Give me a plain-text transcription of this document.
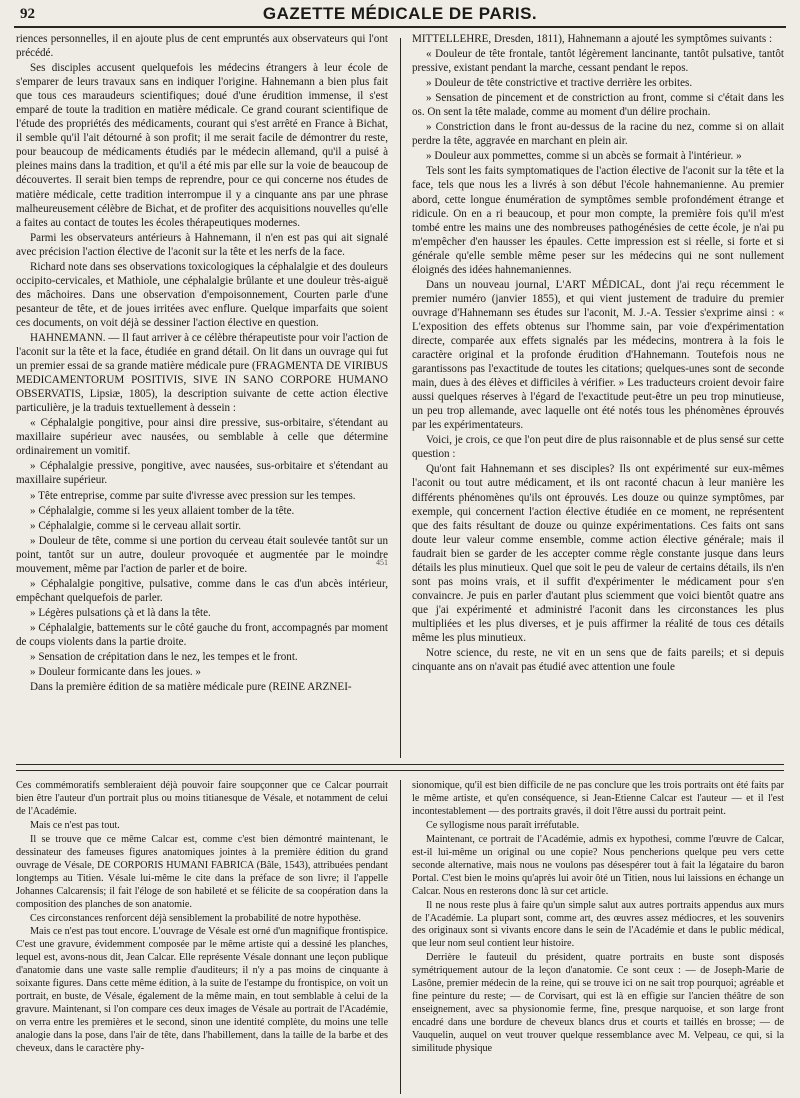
92	GAZETTE MÉDICALE DE PARIS.

riences personnelles, il en ajoute plus de cent empruntés aux observateurs qui l'ont précédé.

Ses disciples accusent quelquefois les médecins étrangers à leur école de s'emparer de leurs travaux sans en indiquer l'origine. Hahnemann a bien plus fait que tous ces maraudeurs scientifiques; doué d'une érudition immense, il s'est emparé de toute la tradition en matière médicale. Ce grand courant scientifique de l'étude des propriétés des médicaments, courant qui s'est arrêté en France à Bichat, il semble qu'il l'ait détourné à son profit; il me serait facile de démontrer du reste, pour beaucoup de médicaments étudiés par le médecin allemand, qu'il a puisé à pleines mains dans la tradition, et qu'il a été mis par elle sur la voie de beaucoup de découvertes. Il serait bien temps de reprendre, pour ce qui concerne nos études de matière médicale, cette tradition interrompue il y a cinquante ans par une phrase malheureusement célèbre de Bichat, et de profiter des acquisitions nouvelles qu'elle a faites au contact de toutes les écoles thérapeutiques modernes.

Parmi les observateurs antérieurs à Hahnemann, il n'en est pas qui ait signalé avec précision l'action élective de l'aconit sur la tête et les nerfs de la face.

Richard note dans ses observations toxicologiques la céphalalgie et des douleurs occipito-cervicales, et Mathiole, une céphalalgie brûlante et une douleur très-aiguë des mâchoires. Dans une observation d'empoisonnement, Courten parle d'une pesanteur de tête, et de joues irritées avec enflure. Quelque imparfaits que soient ces documents, on voit déjà se dessiner l'action élective en question.

HAHNEMANN. — Il faut arriver à ce célèbre thérapeutiste pour voir l'action de l'aconit sur la tête et la face, étudiée en grand détail. On lit dans un ouvrage qui fut un premier essai de sa grande matière médicale pure (FRAGMENTA DE VIRIBUS MEDICAMENTORUM POSITIVIS, SIVE IN SANO CORPORE HUMANO OBSERVATIS, Lipsiæ, 1805), la description suivante de cette action élective particulière, je la traduis textuellement à dessein :

« Céphalalgie pongitive, pour ainsi dire pressive, sus-orbitaire, s'étendant au maxillaire supérieur avec nausées, ou semblable à celle que détermine ordinairement un vomitif.

» Céphalalgie pressive, pongitive, avec nausées, sus-orbitaire et s'étendant au maxillaire supérieur.

» Tête entreprise, comme par suite d'ivresse avec pression sur les tempes.

» Céphalalgie, comme si les yeux allaient tomber de la tête.

» Céphalalgie, comme si le cerveau allait sortir.

» Douleur de tête, comme si une portion du cerveau était soulevée tantôt sur un point, tantôt sur un autre, douleur provoquée et augmentée par le moindre mouvement, même par l'action de parler et de boire.

» Céphalalgie pongitive, pulsative, comme dans le cas d'un abcès intérieur, empêchant quelquefois de parler.

» Légères pulsations çà et là dans la tête.

» Céphalalgie, battements sur le côté gauche du front, accompagnés par moment de coups violents dans la partie droite.

» Sensation de crépitation dans le nez, les tempes et le front.

» Douleur formicante dans les joues. »

Dans la première édition de sa matière médicale pure (REINE ARZNEI-

MITTELLEHRE, Dresden, 1811), Hahnemann a ajouté les symptômes suivants :

« Douleur de tête frontale, tantôt légèrement lancinante, tantôt pulsative, tantôt pressive, existant pendant la marche, cessant pendant le repos.

» Douleur de tête constrictive et tractive derrière les orbites.

» Sensation de pincement et de constriction au front, comme si c'était dans les os. On sent la tête malade, comme au moment d'un délire prochain.

» Constriction dans le front au-dessus de la racine du nez, comme si on allait perdre la tête, aggravée en marchant en plein air.

» Douleur aux pommettes, comme si un abcès se formait à l'intérieur. »

Tels sont les faits symptomatiques de l'action élective de l'aconit sur la tête et la face, tels que nous les a livrés à son début l'école hahnemanienne. Au premier abord, cette longue énumération de symptômes semble profondément étrange et ridicule. On en a ri beaucoup, et pour mon compte, la première fois qu'il m'est tombé entre les mains une des nombreuses pathogénésies de cette école, je n'ai pu m'empêcher d'en hausser les épaules. Cette impression est si réelle, si forte et si générale qu'elle semble même peser sur les médecins qui ne sont nullement éloignés des idées hahnemaniennes.

Dans un nouveau journal, L'ART MÉDICAL, dont j'ai reçu récemment le premier numéro (janvier 1855), et qui vient justement de traduire du premier ouvrage d'Hahnemann ses études sur l'aconit, M. J.-A. Tessier s'exprime ainsi : « L'exposition des effets obtenus sur l'homme sain, par voie d'expérimentation directe, comparée aux effets signalés par les médecins, montrera à la fois le caractère original et la profonde érudition d'Hahnemann. Toutefois nous ne garantissons pas l'exactitude de toutes les citations; quelques-unes sont de seconde main, dues à des élèves et difficiles à vérifier. » Les traducteurs croient devoir faire aussi quelques réserves à l'égard de l'exactitude peut-être un peu trop minutieuse, un peu trop allemande, avec laquelle ont été notés tous les phénomènes éprouvés par les expérimentateurs.

Voici, je crois, ce que l'on peut dire de plus raisonnable et de plus sensé sur cette question :

Qu'ont fait Hahnemann et ses disciples? Ils ont expérimenté sur eux-mêmes l'aconit ou tout autre médicament, et ils ont raconté chacun à leur manière les différents phénomènes qu'ils ont éprouvés. Les douze ou quinze symptômes, par exemple, qui concernent l'action élective étudiée en ce moment, ne représentent que des faits résultant de douze ou quinze expérimentations. Ces faits ont sans doute leur valeur comme ensemble, comme action élective générale; mais il faudrait bien se garder de les accepter comme règle constante jusque dans leurs détails les plus minutieux. Quel que soit le peu de valeur de certains détails, ils n'en sont pas moins vrais, et il suffit d'expérimenter le médicament pour s'en convaincre. Je puis en parler d'autant plus sciemment que voici bientôt quatre ans que j'ai expérimenté et administré l'aconit dans les circonstances les plus multipliées et les plus diverses, et je puis affirmer la réalité de tous ces détails même les plus minutieux.

Notre science, du reste, ne vit en un sens que de faits pareils; et si depuis cinquante ans on n'avait pas étudié avec attention une foule

451

Ces commémoratifs sembleraient déjà pouvoir faire soupçonner que ce Calcar pourrait bien être l'auteur d'un portrait plus ou moins titianesque de Vésale, et notamment de celui de l'Académie.

Mais ce n'est pas tout.

Il se trouve que ce même Calcar est, comme c'est bien démontré maintenant, le dessinateur des fameuses figures anatomiques jointes à la première édition du grand ouvrage de Vésale, DE CORPORIS HUMANI FABRICA (Bâle, 1543), attribuées pendant longtemps au Titien. Vésale lui-même le cite dans la préface de son livre; il l'appelle Johannes Calcarensis; il fait l'éloge de son habileté et se félicite de sa coopération dans la composition des planches de son anatomie.

Ces circonstances renforcent déjà sensiblement la probabilité de notre hypothèse.

Mais ce n'est pas tout encore. L'ouvrage de Vésale est orné d'un magnifique frontispice. C'est une gravure, évidemment composée par le même artiste qui a dessiné les planches, lequel est, avons-nous dit, Jean Calcar. Elle représente Vésale donnant une leçon publique d'anatomie dans une vaste salle remplie d'auditeurs; il n'y a pas moins de cinquante à soixante figures. Dans cette même édition, à la suite de l'estampe du frontispice, on voit un portrait, en buste, de Vésale, également de la même main, en tout semblable à celui de la gravure. Maintenant, si l'on compare ces deux images de Vésale au portrait de l'Académie, on verra entre les premières et le second, sinon une identité complète, du moins une telle analogie dans la pose, dans l'air de tête, dans l'habillement, dans la taille de la barbe et des cheveux, dans le caractère phy-

sionomique, qu'il est bien difficile de ne pas conclure que les trois portraits ont été faits par le même artiste, et qu'en conséquence, si Jean-Etienne Calcar est l'auteur — et il l'est incontestablement — des portraits gravés, il doit l'être aussi du portrait peint.

Ce syllogisme nous paraît irréfutable.

Maintenant, ce portrait de l'Académie, admis ex hypothesi, comme l'œuvre de Calcar, est-il lui-même un original ou une copie? Nous pencherions quelque peu vers cette seconde alternative, mais nous ne voulons pas désespérer tout à fait la légataire du baron Portal. C'est bien le moins qu'après lui avoir ôté un Titien, nous lui laissions en échange un Calcar. Nous en resterons donc là sur cet article.

Il ne nous reste plus à faire qu'un simple salut aux autres portraits appendus aux murs de l'Académie. La plupart sont, comme art, des œuvres assez médiocres, et les souvenirs des originaux sont si vivants encore dans le sein de l'Académie et dans le public médical, que leur nom seul contient leur histoire.

Derrière le fauteuil du président, quatre portraits en buste sont disposés symétriquement autour de la leçon d'anatomie. Ce sont ceux : — de Joseph-Marie de Lasône, premier médecin de la reine, qui se trouve ici on ne sait trop pourquoi; agréable et fine peinture du reste; — de Corvisart, qui est là en effigie sur l'ancien théâtre de son enseignement, avec sa physionomie ferme, fine, presque narquoise, et son large front encadré dans une bordure de cheveux blancs drus et courts et taillés en brosse; — de Vauquelin, auquel on veut trouver quelque ressemblance avec M. Velpeau, ce qui, si la similitude physique
